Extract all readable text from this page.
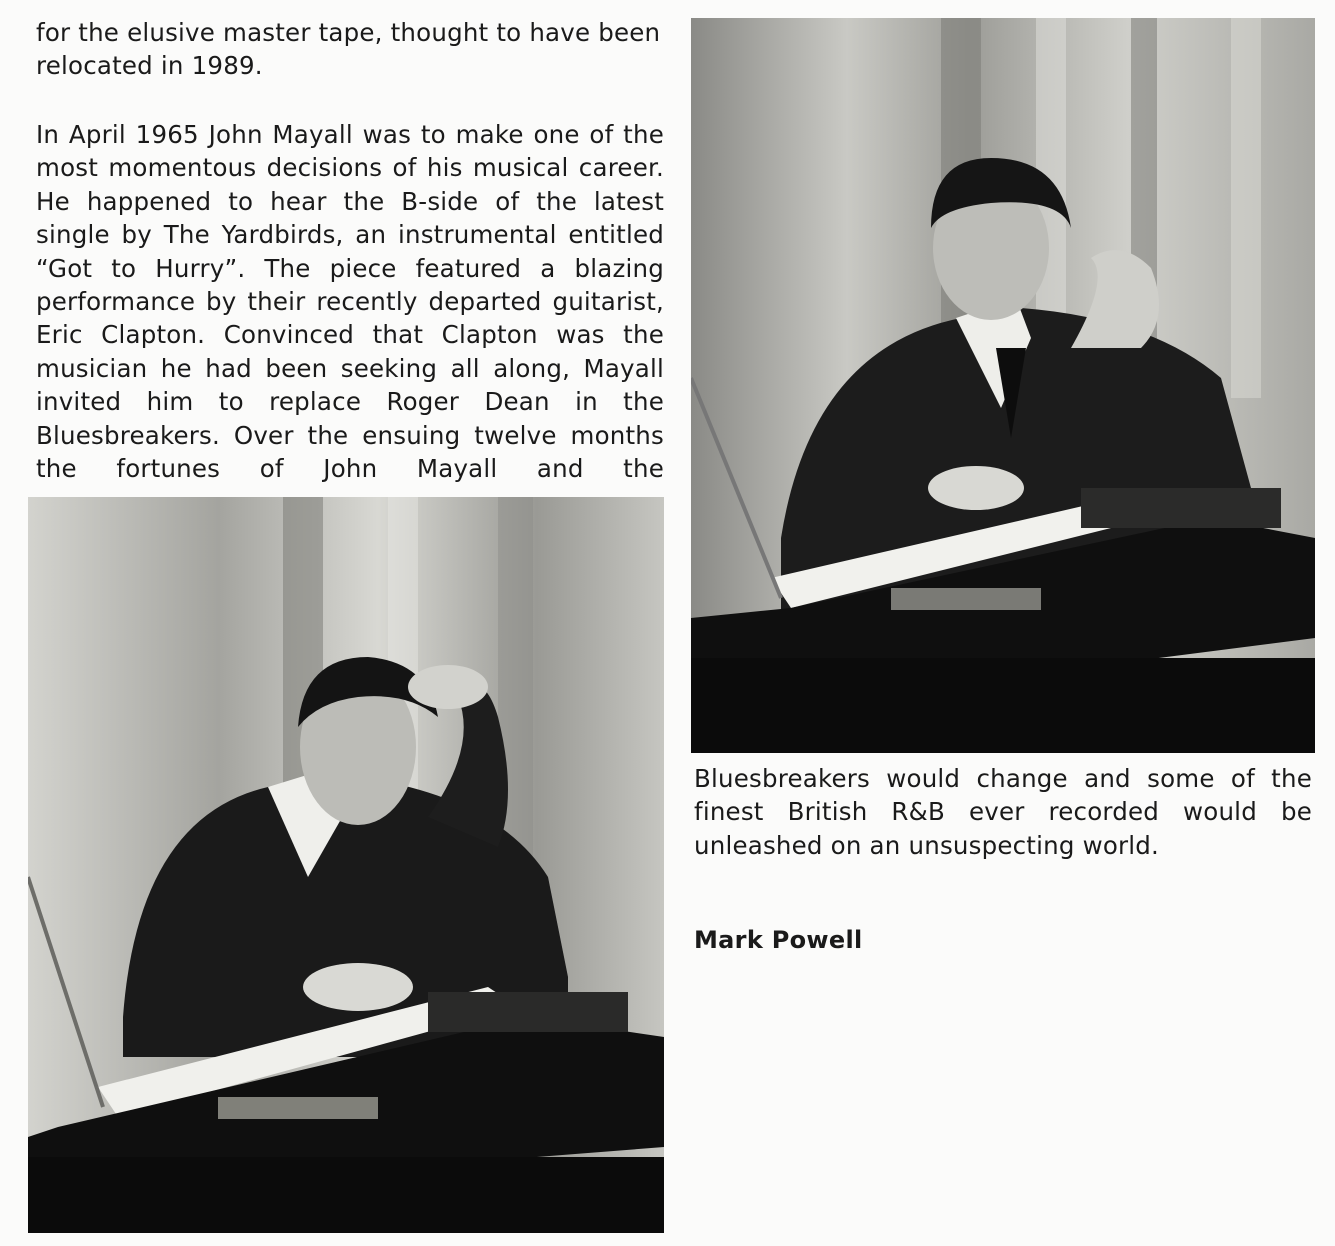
for the elusive master tape, thought to have been
relocated in 1989.

In April 1965 John Mayall was to make one of the
most momentous decisions of his musical career.
He happened to hear the B-side of the latest
single by The Yardbirds, an instrumental entitled
“Got to Hurry”. The piece featured a blazing
performance by their recently departed guitarist,
Eric Clapton. Convinced that Clapton was the
musician he had been seeking all along, Mayall
invited him to replace Roger Dean in the
Bluesbreakers. Over the ensuing twelve months
the fortunes of John Mayall and the

Bluesbreakers would change and some of the
finest British R&B ever recorded would be
unleashed on an unsuspecting world.

Mark Powell
